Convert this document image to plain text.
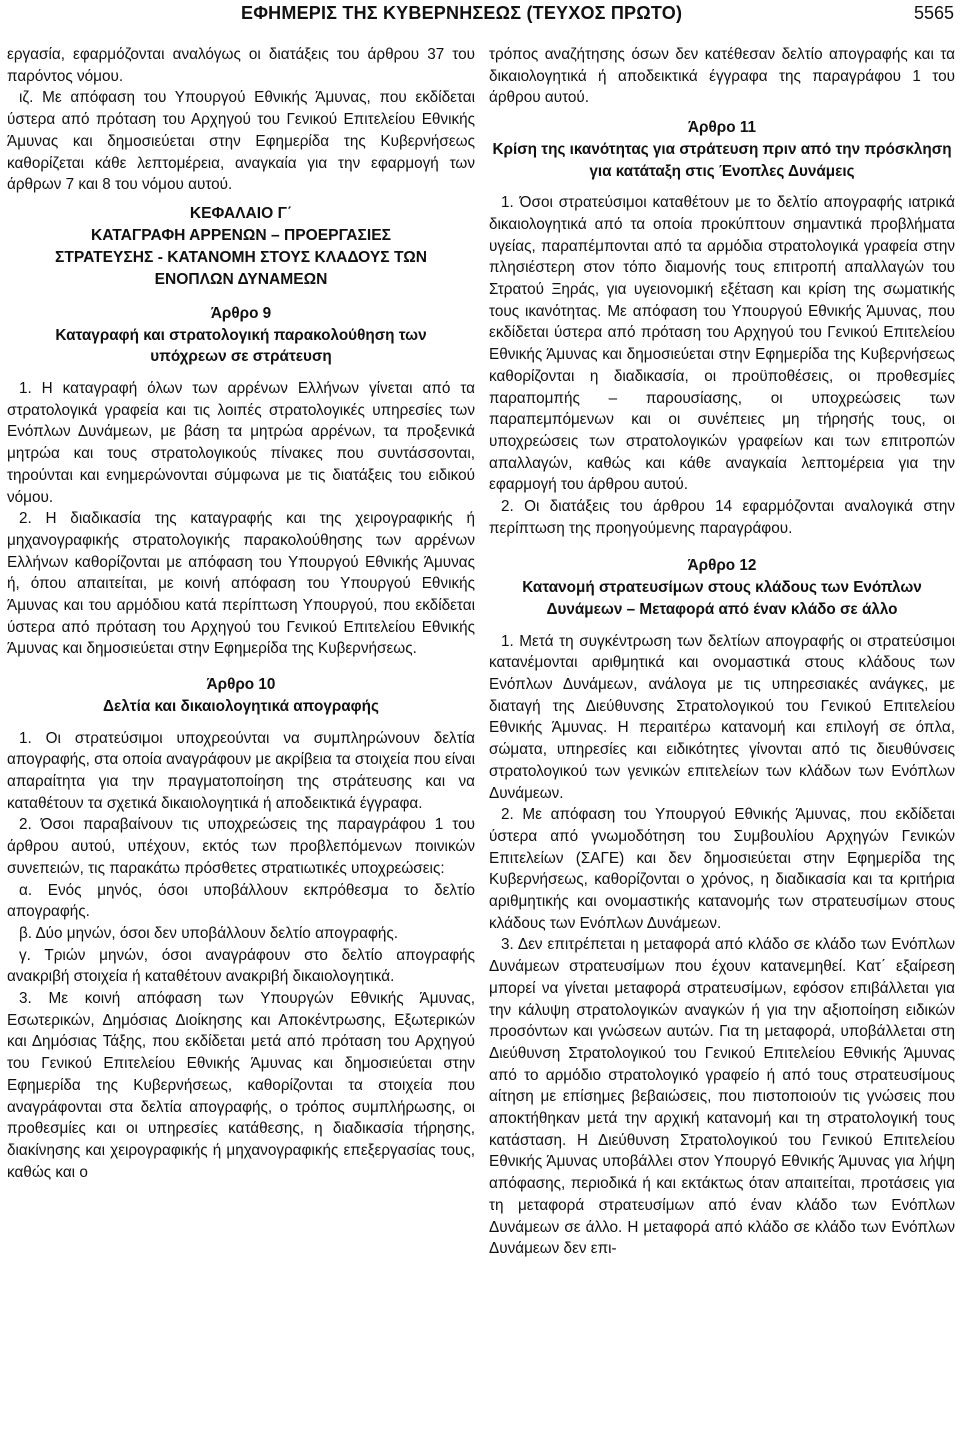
ΕΦΗΜΕΡΙΣ ΤΗΣ ΚΥΒΕΡΝΗΣΕΩΣ (ΤΕΥΧΟΣ ΠΡΩΤΟ)	5565

εργασία, εφαρμόζονται αναλόγως οι διατάξεις του άρθρου 37 του παρόντος νόμου.

ιζ. Με απόφαση του Υπουργού Εθνικής Άμυνας, που εκδίδεται ύστερα από πρόταση του Αρχηγού του Γενικού Επιτελείου Εθνικής Άμυνας και δημοσιεύεται στην Εφημερίδα της Κυβερνήσεως καθορίζεται κάθε λεπτομέρεια, αναγκαία για την εφαρμογή των άρθρων 7 και 8 του νόμου αυτού.

ΚΕΦΑΛΑΙΟ Γ΄
ΚΑΤΑΓΡΑΦΗ ΑΡΡΕΝΩΝ – ΠΡΟΕΡΓΑΣΙΕΣ ΣΤΡΑΤΕΥΣΗΣ - ΚΑΤΑΝΟΜΗ ΣΤΟΥΣ ΚΛΑΔΟΥΣ ΤΩΝ ΕΝΟΠΛΩΝ ΔΥΝΑΜΕΩΝ
Άρθρο 9
Καταγραφή και στρατολογική παρακολούθηση των υπόχρεων σε στράτευση

1. Η καταγραφή όλων των αρρένων Ελλήνων γίνεται από τα στρατολογικά γραφεία και τις λοιπές στρατολογικές υπηρεσίες των Ενόπλων Δυνάμεων, με βάση τα μητρώα αρρένων, τα προξενικά μητρώα και τους στρατολογικούς πίνακες που συντάσσονται, τηρούνται και ενημερώνονται σύμφωνα με τις διατάξεις του ειδικού νόμου.

2. Η διαδικασία της καταγραφής και της χειρογραφικής ή μηχανογραφικής στρατολογικής παρακολούθησης των αρρένων Ελλήνων καθορίζονται με απόφαση του Υπουργού Εθνικής Άμυνας ή, όπου απαιτείται, με κοινή απόφαση του Υπουργού Εθνικής Άμυνας και του αρμόδιου κατά περίπτωση Υπουργού, που εκδίδεται ύστερα από πρόταση του Αρχηγού του Γενικού Επιτελείου Εθνικής Άμυνας και δημοσιεύεται στην Εφημερίδα της Κυβερνήσεως.

Άρθρο 10
Δελτία και δικαιολογητικά απογραφής

1. Οι στρατεύσιμοι υποχρεούνται να συμπληρώνουν δελτία απογραφής, στα οποία αναγράφουν με ακρίβεια τα στοιχεία που είναι απαραίτητα για την πραγματοποίηση της στράτευσης και να καταθέτουν τα σχετικά δικαιολογητικά ή αποδεικτικά έγγραφα.

2. Όσοι παραβαίνουν τις υποχρεώσεις της παραγράφου 1 του άρθρου αυτού, υπέχουν, εκτός των προβλεπόμενων ποινικών συνεπειών, τις παρακάτω πρόσθετες στρατιωτικές υποχρεώσεις:

α. Ενός μηνός, όσοι υποβάλλουν εκπρόθεσμα το δελτίο απογραφής.

β. Δύο μηνών, όσοι δεν υποβάλλουν δελτίο απογραφής.

γ. Τριών μηνών, όσοι αναγράφουν στο δελτίο απογραφής ανακριβή στοιχεία ή καταθέτουν ανακριβή δικαιολογητικά.

3. Με κοινή απόφαση των Υπουργών Εθνικής Άμυνας, Εσωτερικών, Δημόσιας Διοίκησης και Αποκέντρωσης, Εξωτερικών και Δημόσιας Τάξης, που εκδίδεται μετά από πρόταση του Αρχηγού του Γενικού Επιτελείου Εθνικής Άμυνας και δημοσιεύεται στην Εφημερίδα της Κυβερνήσεως, καθορίζονται τα στοιχεία που αναγράφονται στα δελτία απογραφής, ο τρόπος συμπλήρωσης, οι προθεσμίες και οι υπηρεσίες κατάθεσης, η διαδικασία τήρησης, διακίνησης και χειρογραφικής ή μηχανογραφικής επεξεργασίας τους, καθώς και ο

τρόπος αναζήτησης όσων δεν κατέθεσαν δελτίο απογραφής και τα δικαιολογητικά ή αποδεικτικά έγγραφα της παραγράφου 1 του άρθρου αυτού.

Άρθρο 11
Κρίση της ικανότητας για στράτευση πριν από την πρόσκληση για κατάταξη στις Ένοπλες Δυνάμεις

1. Όσοι στρατεύσιμοι καταθέτουν με το δελτίο απογραφής ιατρικά δικαιολογητικά από τα οποία προκύπτουν σημαντικά προβλήματα υγείας, παραπέμπονται από τα αρμόδια στρατολογικά γραφεία στην πλησιέστερη στον τόπο διαμονής τους επιτροπή απαλλαγών του Στρατού Ξηράς, για υγειονομική εξέταση και κρίση της σωματικής τους ικανότητας. Με απόφαση του Υπουργού Εθνικής Άμυνας, που εκδίδεται ύστερα από πρόταση του Αρχηγού του Γενικού Επιτελείου Εθνικής Άμυνας και δημοσιεύεται στην Εφημερίδα της Κυβερνήσεως καθορίζονται η διαδικασία, οι προϋποθέσεις, οι προθεσμίες παραπομπής – παρουσίασης, οι υποχρεώσεις των παραπεμπόμενων και οι συνέπειες μη τήρησής τους, οι υποχρεώσεις των στρατολογικών γραφείων και των επιτροπών απαλλαγών, καθώς και κάθε αναγκαία λεπτομέρεια για την εφαρμογή του άρθρου αυτού.

2. Οι διατάξεις του άρθρου 14 εφαρμόζονται αναλογικά στην περίπτωση της προηγούμενης παραγράφου.

Άρθρο 12
Κατανομή στρατευσίμων στους κλάδους των Ενόπλων Δυνάμεων – Μεταφορά από έναν κλάδο σε άλλο

1. Μετά τη συγκέντρωση των δελτίων απογραφής οι στρατεύσιμοι κατανέμονται αριθμητικά και ονομαστικά στους κλάδους των Ενόπλων Δυνάμεων, ανάλογα με τις υπηρεσιακές ανάγκες, με διαταγή της Διεύθυνσης Στρατολογικού του Γενικού Επιτελείου Εθνικής Άμυνας. Η περαιτέρω κατανομή και επιλογή σε όπλα, σώματα, υπηρεσίες και ειδικότητες γίνονται από τις διευθύνσεις στρατολογικού των γενικών επιτελείων των κλάδων των Ενόπλων Δυνάμεων.

2. Με απόφαση του Υπουργού Εθνικής Άμυνας, που εκδίδεται ύστερα από γνωμοδότηση του Συμβουλίου Αρχηγών Γενικών Επιτελείων (ΣΑΓΕ) και δεν δημοσιεύεται στην Εφημερίδα της Κυβερνήσεως, καθορίζονται ο χρόνος, η διαδικασία και τα κριτήρια αριθμητικής και ονομαστικής κατανομής των στρατευσίμων στους κλάδους των Ενόπλων Δυνάμεων.

3. Δεν επιτρέπεται η μεταφορά από κλάδο σε κλάδο των Ενόπλων Δυνάμεων στρατευσίμων που έχουν κατανεμηθεί. Κατ΄ εξαίρεση μπορεί να γίνεται μεταφορά στρατευσίμων, εφόσον επιβάλλεται για την κάλυψη στρατολογικών αναγκών ή για την αξιοποίηση ειδικών προσόντων και γνώσεων αυτών. Για τη μεταφορά, υποβάλλεται στη Διεύθυνση Στρατολογικού του Γενικού Επιτελείου Εθνικής Άμυνας από το αρμόδιο στρατολογικό γραφείο ή από τους στρατευσίμους αίτηση με επίσημες βεβαιώσεις, που πιστοποιούν τις γνώσεις που αποκτήθηκαν μετά την αρχική κατανομή και τη στρατολογική τους κατάσταση. Η Διεύθυνση Στρατολογικού του Γενικού Επιτελείου Εθνικής Άμυνας υποβάλλει στον Υπουργό Εθνικής Άμυνας για λήψη απόφασης, περιοδικά ή και εκτάκτως όταν απαιτείται, προτάσεις για τη μεταφορά στρατευσίμων από έναν κλάδο των Ενόπλων Δυνάμεων σε άλλο. Η μεταφορά από κλάδο σε κλάδο των Ενόπλων Δυνάμεων δεν επι-
